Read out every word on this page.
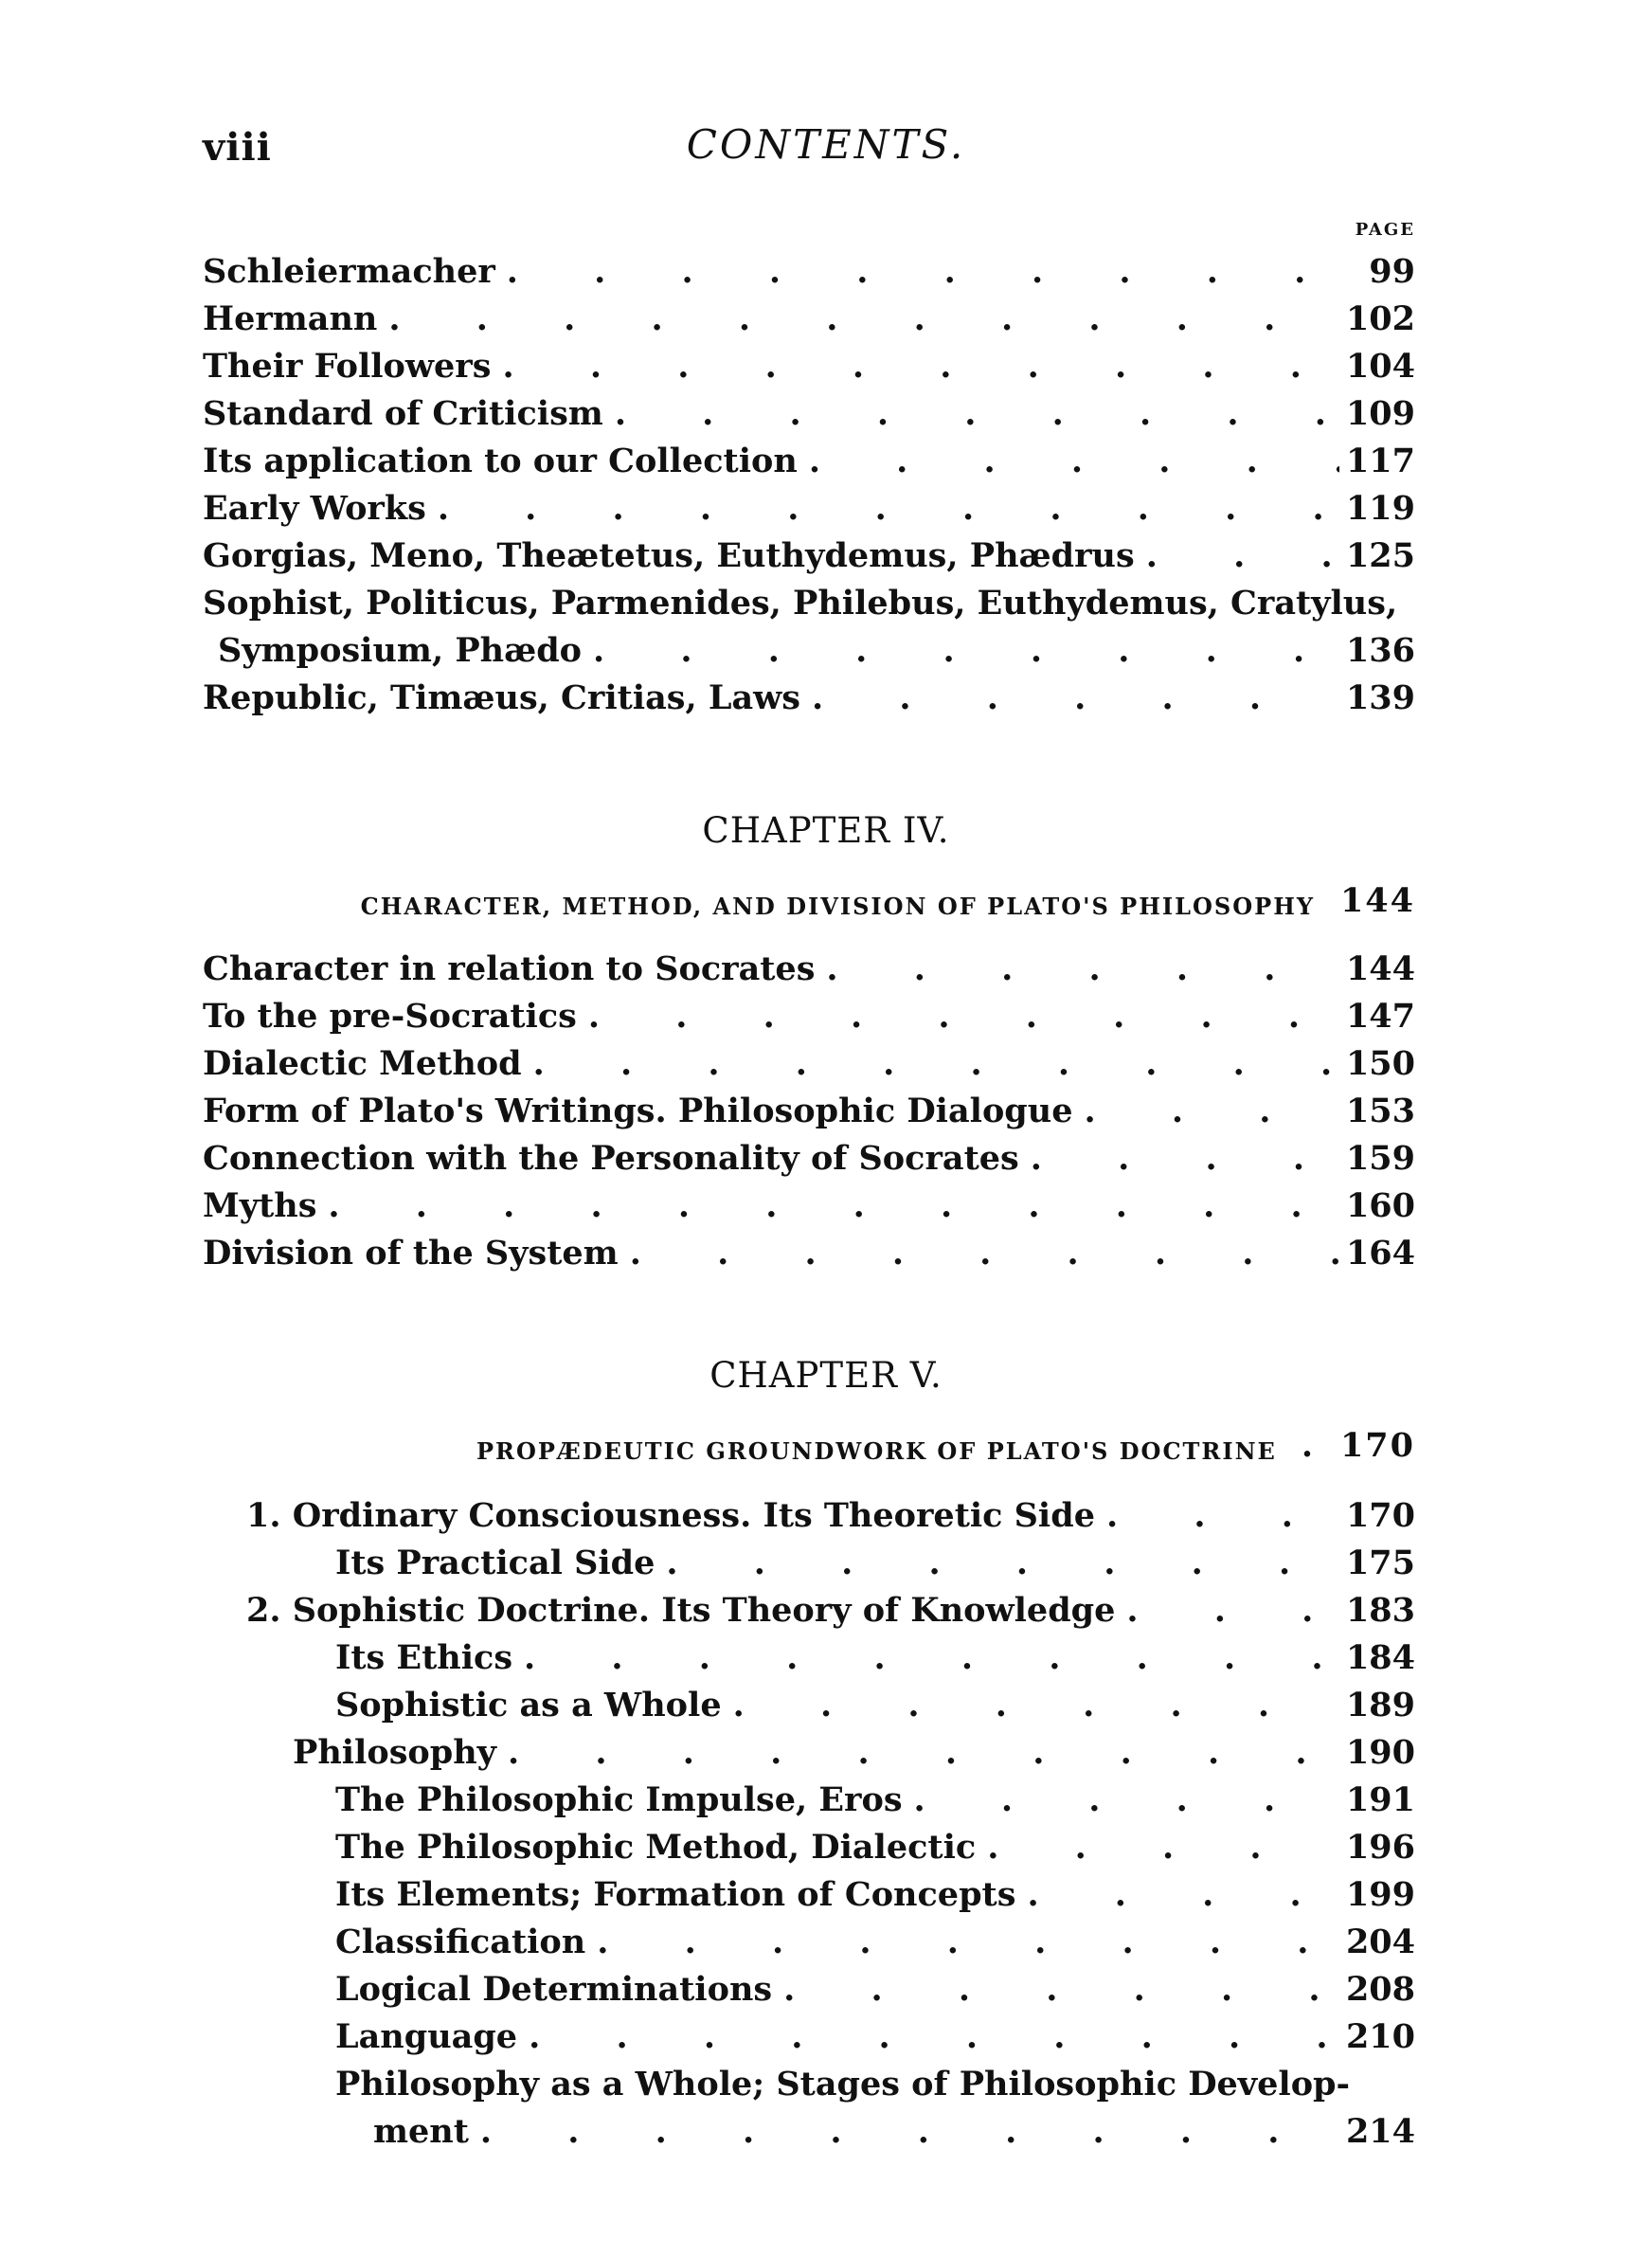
viii	CONTENTS.
PAGE
Schleiermacher . . .	99
Hermann . . .	102
Their Followers . . .	104
Standard of Criticism . . .	109
Its application to our Collection . . .	117
Early Works . . .	119
Gorgias, Meno, Theætetus, Euthydemus, Phædrus . . .	125
Sophist, Politicus, Parmenides, Philebus, Euthydemus, Cratylus,
Symposium, Phædo . . .	136
Republic, Timæus, Critias, Laws . . .	139
CHAPTER IV.
CHARACTER, METHOD, AND DIVISION OF PLATO'S PHILOSOPHY 144
Character in relation to Socrates . . .	144
To the pre-Socratics . . .	147
Dialectic Method . . .	150
Form of Plato's Writings. Philosophic Dialogue . . .	153
Connection with the Personality of Socrates . . .	159
Myths . . .	160
Division of the System . . .	164
CHAPTER V.
PROPÆDEUTIC GROUNDWORK OF PLATO'S DOCTRINE . 170
1. Ordinary Consciousness. Its Theoretic Side . . .	170
Its Practical Side . . .	175
2. Sophistic Doctrine. Its Theory of Knowledge . . .	183
Its Ethics . . .	184
Sophistic as a Whole . . .	189
Philosophy . . .	190
The Philosophic Impulse, Eros . . .	191
The Philosophic Method, Dialectic . . .	196
Its Elements; Formation of Concepts . . .	199
Classification . . .	204
Logical Determinations . . .	208
Language . . .	210
Philosophy as a Whole; Stages of Philosophic Develop-
ment . . .	214
